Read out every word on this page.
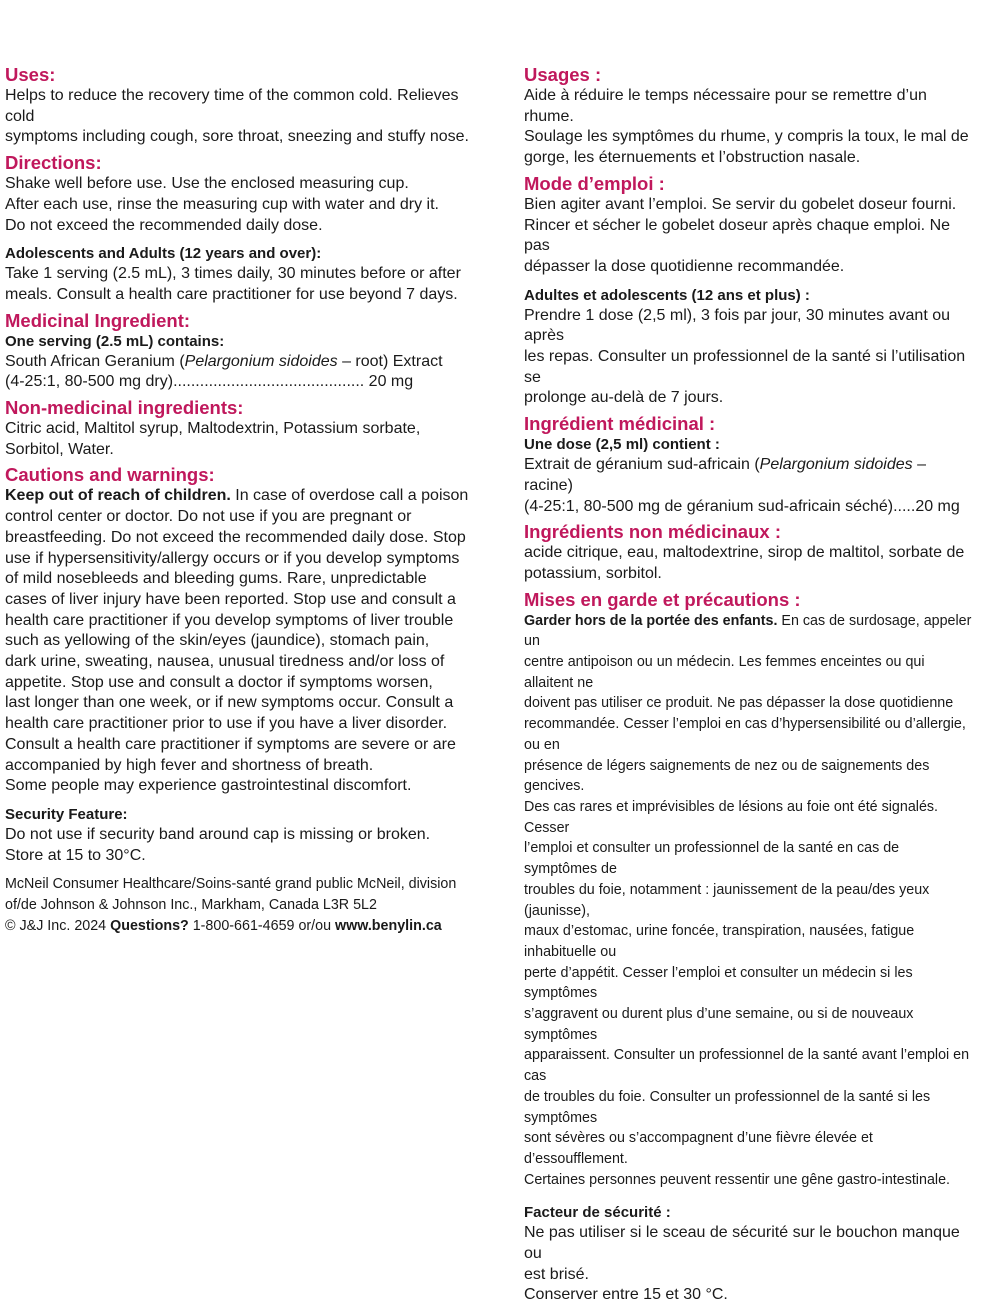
Uses:
Helps to reduce the recovery time of the common cold. Relieves cold
symptoms including cough, sore throat, sneezing and stuffy nose.
Directions:
Shake well before use. Use the enclosed measuring cup.
After each use, rinse the measuring cup with water and dry it.
Do not exceed the recommended daily dose.
Adolescents and Adults (12 years and over):
Take 1 serving (2.5 mL), 3 times daily, 30 minutes before or after
meals. Consult a health care practitioner for use beyond 7 days.
Medicinal Ingredient:
One serving (2.5 mL) contains:
South African Geranium (Pelargonium sidoides – root) Extract
(4-25:1, 80-500 mg dry)........................................... 20 mg
Non-medicinal ingredients:
Citric acid, Maltitol syrup, Maltodextrin, Potassium sorbate,
Sorbitol, Water.
Cautions and warnings:
Keep out of reach of children. In case of overdose call a poison
control center or doctor. Do not use if you are pregnant or
breastfeeding. Do not exceed the recommended daily dose. Stop
use if hypersensitivity/allergy occurs or if you develop symptoms
of mild nosebleeds and bleeding gums. Rare, unpredictable
cases of liver injury have been reported. Stop use and consult a
health care practitioner if you develop symptoms of liver trouble
such as yellowing of the skin/eyes (jaundice), stomach pain,
dark urine, sweating, nausea, unusual tiredness and/or loss of
appetite. Stop use and consult a doctor if symptoms worsen,
last longer than one week, or if new symptoms occur. Consult a
health care practitioner prior to use if you have a liver disorder.
Consult a health care practitioner if symptoms are severe or are
accompanied by high fever and shortness of breath.
Some people may experience gastrointestinal discomfort.
Security Feature:
Do not use if security band around cap is missing or broken.
Store at 15 to 30°C.
McNeil Consumer Healthcare/Soins-santé grand public McNeil, division
of/de Johnson & Johnson Inc., Markham, Canada L3R 5L2
© J&J Inc. 2024 Questions? 1-800-661-4659 or/ou www.benylin.ca
Usages :
Aide à réduire le temps nécessaire pour se remettre d’un rhume.
Soulage les symptômes du rhume, y compris la toux, le mal de
gorge, les éternuements et l’obstruction nasale.
Mode d’emploi :
Bien agiter avant l’emploi. Se servir du gobelet doseur fourni.
Rincer et sécher le gobelet doseur après chaque emploi. Ne pas
dépasser la dose quotidienne recommandée.
Adultes et adolescents (12 ans et plus) :
Prendre 1 dose (2,5 ml), 3 fois par jour, 30 minutes avant ou après
les repas. Consulter un professionnel de la santé si l’utilisation se
prolonge au-delà de 7 jours.
Ingrédient médicinal :
Une dose (2,5 ml) contient :
Extrait de géranium sud-africain (Pelargonium sidoides – racine)
(4-25:1, 80-500 mg de géranium sud-africain séché).....20 mg
Ingrédients non médicinaux :
acide citrique, eau, maltodextrine, sirop de maltitol, sorbate de
potassium, sorbitol.
Mises en garde et précautions :
Garder hors de la portée des enfants. En cas de surdosage, appeler un
centre antipoison ou un médecin. Les femmes enceintes ou qui allaitent ne
doivent pas utiliser ce produit. Ne pas dépasser la dose quotidienne
recommandée. Cesser l’emploi en cas d’hypersensibilité ou d’allergie, ou en
présence de légers saignements de nez ou de saignements des gencives.
Des cas rares et imprévisibles de lésions au foie ont été signalés. Cesser
l’emploi et consulter un professionnel de la santé en cas de symptômes de
troubles du foie, notamment : jaunissement de la peau/des yeux (jaunisse),
maux d’estomac, urine foncée, transpiration, nausées, fatigue inhabituelle ou
perte d’appétit. Cesser l’emploi et consulter un médecin si les symptômes
s’aggravent ou durent plus d’une semaine, ou si de nouveaux symptômes
apparaissent. Consulter un professionnel de la santé avant l’emploi en cas
de troubles du foie. Consulter un professionnel de la santé si les symptômes
sont sévères ou s’accompagnent d’une fièvre élevée et d’essoufflement.
Certaines personnes peuvent ressentir une gêne gastro-intestinale.
Facteur de sécurité :
Ne pas utiliser si le sceau de sécurité sur le bouchon manque ou
est brisé.
Conserver entre 15 et 30 °C.
